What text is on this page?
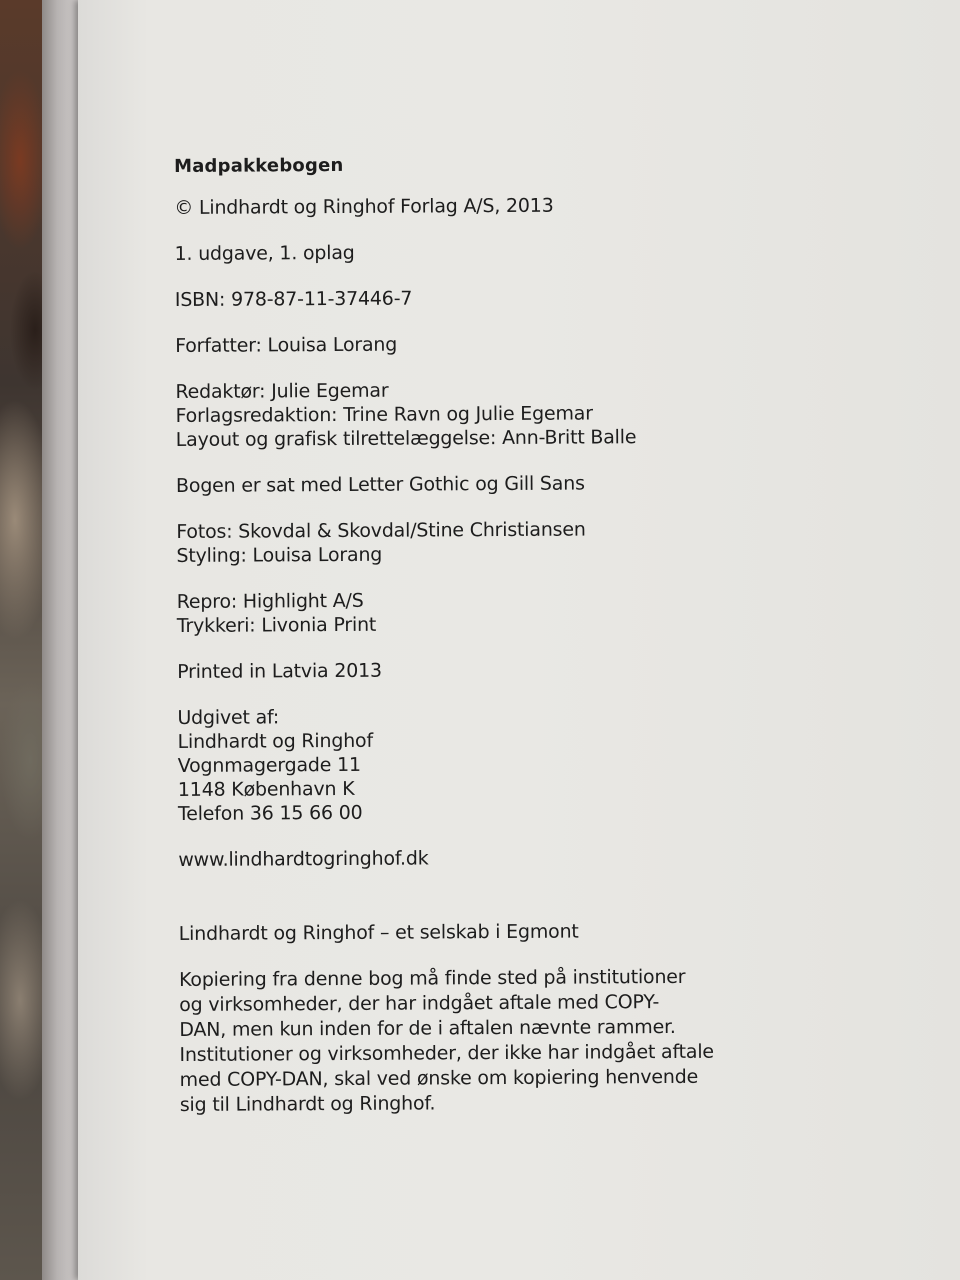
Madpakkebogen
© Lindhardt og Ringhof Forlag A/S, 2013
1. udgave, 1. oplag
ISBN: 978-87-11-37446-7
Forfatter: Louisa Lorang
Redaktør: Julie Egemar
Forlagsredaktion: Trine Ravn og Julie Egemar
Layout og grafisk tilrettelæggelse: Ann-Britt Balle
Bogen er sat med Letter Gothic og Gill Sans
Fotos: Skovdal & Skovdal/Stine Christiansen
Styling: Louisa Lorang
Repro: Highlight A/S
Trykkeri: Livonia Print
Printed in Latvia 2013
Udgivet af:
Lindhardt og Ringhof
Vognmagergade 11
1148 København K
Telefon 36 15 66 00
www.lindhardtogringhof.dk
Lindhardt og Ringhof – et selskab i Egmont
Kopiering fra denne bog må finde sted på institutioner
og virksomheder, der har indgået aftale med COPY-
DAN, men kun inden for de i aftalen nævnte rammer.
Institutioner og virksomheder, der ikke har indgået aftale
med COPY-DAN, skal ved ønske om kopiering henvende
sig til Lindhardt og Ringhof.
